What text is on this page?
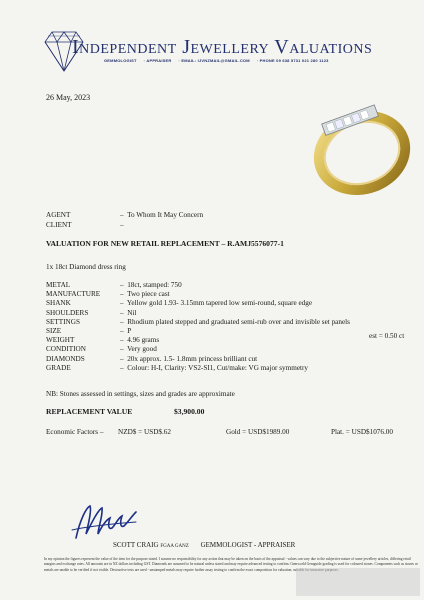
Independent Jewellery Valuations
GEMMOLOGIST · APPRAISER · EMAIL: IJVNZMAIL@GMAIL.COM · PHONE 09 638 5731 021 280 1123
26 May, 2023
AGENT	– To Whom It May Concern
CLIENT	–
VALUATION FOR NEW RETAIL REPLACEMENT – R.AMJ5576077-1
1x 18ct Diamond dress ring
METAL	– 18ct, stamped: 750
MANUFACTURE	– Two piece cast
SHANK	– Yellow gold 1.93- 3.15mm tapered low semi-round, square edge
SHOULDERS	– Nil
SETTINGS	– Rhodium plated stepped and graduated semi-rub over and invisible set panels
SIZE	– P
WEIGHT	– 4.96 grams
CONDITION	– Very good
DIAMONDS	– 20x approx. 1.5- 1.8mm princess brilliant cut
GRADE	– Colour: H-I, Clarity: VS2-SI1, Cut/make: VG major symmetry
est = 0.50 ct
NB: Stones assessed in settings, sizes and grades are approximate
REPLACEMENT VALUE	$3,900.00
Economic Factors – NZD$ = USD$.62	Gold = USD$1989.00	Plat. = USD$1076.00
SCOTT CRAIG FGAA GANZ GEMMOLOGIST - APPRAISER
In my opinion the figures represent the value of the item for the purpose stated. I assume no responsibility for any action that may be taken on the basis of the appraisal - values can vary due to the subjective nature of some jewellery articles, differing retail margins and exchange rates. All amounts are in NZ dollars including GST. Diamonds are assumed to be natural unless stated and may require advanced testing to confirm. Gemworld Gemguide grading is used for coloured stones. Components such as stones or metals are unable to be verified if not visible. Destructive tests are used - unstamped metals may require further assay testing to confirm the exact composition for valuation, suitable for insurance purposes.
